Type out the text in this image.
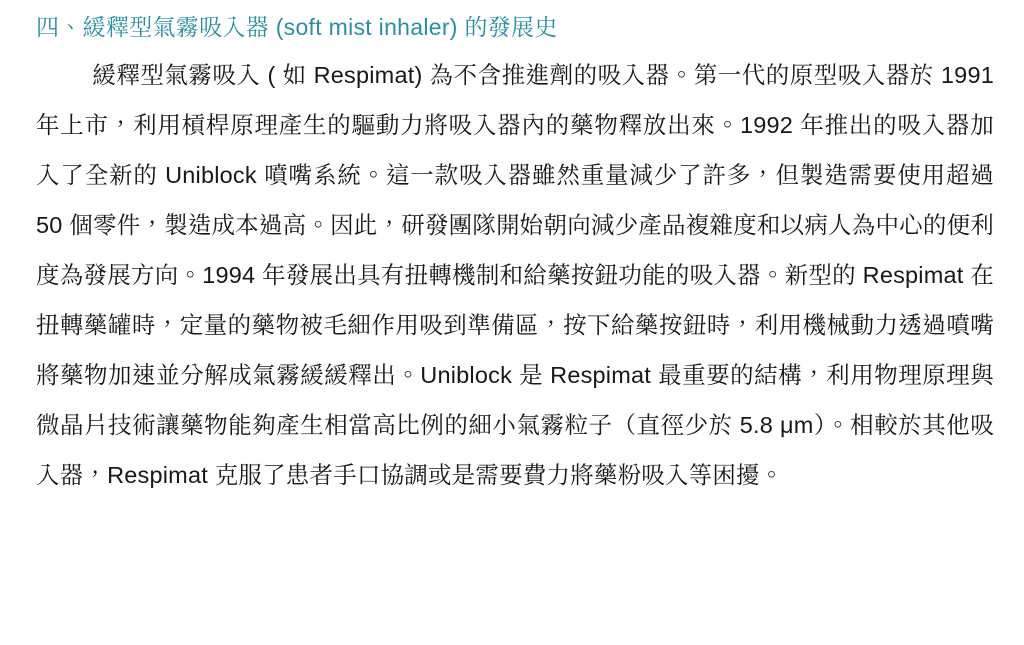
四、緩釋型氣霧吸入器 (soft mist inhaler) 的發展史
緩釋型氣霧吸入 ( 如 Respimat) 為不含推進劑的吸入器。第一代的原型吸入器於 1991 年上市，利用槓桿原理產生的驅動力將吸入器內的藥物釋放出來。1992 年推出的吸入器加入了全新的 Uniblock 噴嘴系統。這一款吸入器雖然重量減少了許多，但製造需要使用超過 50 個零件，製造成本過高。因此，研發團隊開始朝向減少產品複雜度和以病人為中心的便利度為發展方向。1994 年發展出具有扭轉機制和給藥按鈕功能的吸入器。新型的 Respimat 在扭轉藥罐時，定量的藥物被毛細作用吸到準備區，按下給藥按鈕時，利用機械動力透過噴嘴將藥物加速並分解成氣霧緩緩釋出。Uniblock 是 Respimat 最重要的結構，利用物理原理與微晶片技術讓藥物能夠產生相當高比例的細小氣霧粒子（直徑少於 5.8 μm）。相較於其他吸入器，Respimat 克服了患者手口協調或是需要費力將藥粉吸入等困擾。
